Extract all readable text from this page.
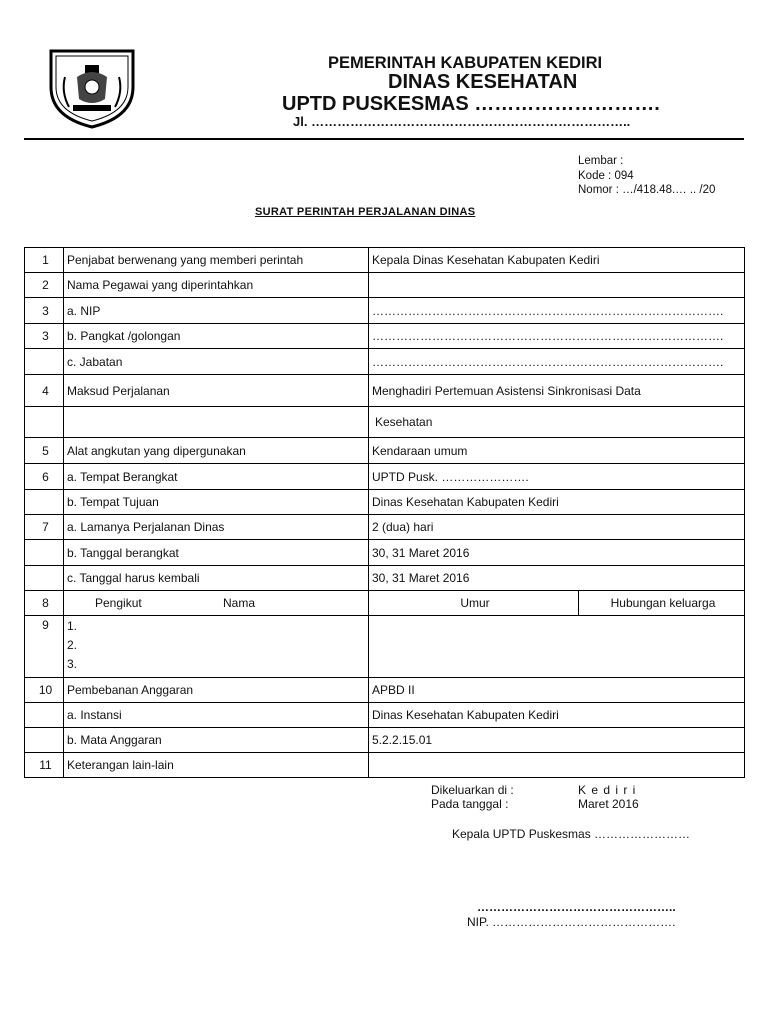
PEMERINTAH KABUPATEN KEDIRI
DINAS KESEHATAN
UPTD PUSKESMAS ……………………….
Jl. ………………………………………………………………..
Lembar :
Kode : 094
Nomor : …/418.48.… .. /20
SURAT PERINTAH PERJALANAN DINAS
1	Penjabat berwenang yang memberi perintah	Kepala Dinas Kesehatan Kabupaten Kediri	
2	Nama Pegawai yang diperintahkan		
3	a. NIP	…………………………………………………………………………….	
3	b. Pangkat /golongan	…………………………………………………………………………….	
	c. Jabatan	…………………………………………………………………………….	
4	Maksud Perjalanan	Menghadiri Pertemuan Asistensi Sinkronisasi Data	
		Kesehatan	
5	Alat angkutan yang dipergunakan	Kendaraan umum	
6	a. Tempat Berangkat	UPTD Pusk. ………………….	
	b. Tempat Tujuan	Dinas Kesehatan Kabupaten Kediri	
7	a. Lamanya Perjalanan Dinas	2 (dua) hari	
	b. Tanggal berangkat	30, 31 Maret 2016	
	c. Tanggal harus kembali	30, 31 Maret 2016	
8	Pengikut Nama	Umur	Hubungan keluarga
9	1.
2.
3.		

10	Pembebanan Anggaran	APBD II	
	a. Instansi	Dinas Kesehatan Kabupaten Kediri	
	b. Mata Anggaran	5.2.2.15.01	
11	Keterangan lain-lain		
Dikeluarkan di :	K e d i r i
Pada tanggal :	Maret 2016
Kepala UPTD Puskesmas ……………………
…………………………………………..
NIP. ……………………………………….
